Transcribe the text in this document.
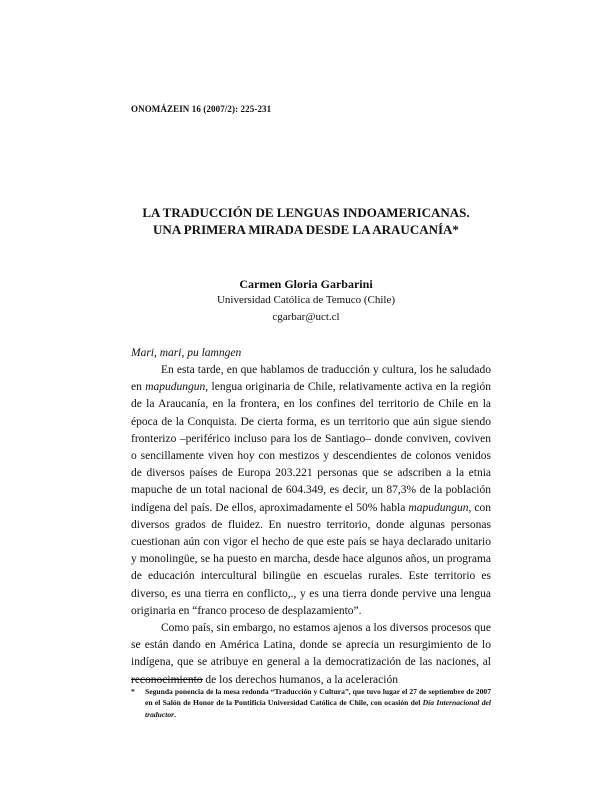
ONOMÁZEIN 16 (2007/2): 225-231
LA TRADUCCIÓN DE LENGUAS INDOAMERICANAS.
UNA PRIMERA MIRADA DESDE LA ARAUCANÍA*
Carmen Gloria Garbarini
Universidad Católica de Temuco (Chile)
cgarbar@uct.cl
Mari, mari, pu lamngen

En esta tarde, en que hablamos de traducción y cultura, los he saludado en mapudungun, lengua originaria de Chile, relativamente activa en la región de la Araucanía, en la frontera, en los confines del territorio de Chile en la época de la Conquista. De cierta forma, es un territorio que aún sigue siendo fronterizo –periférico incluso para los de Santiago– donde conviven, coviven o sencillamente viven hoy con mestizos y descendientes de colonos venidos de diversos países de Europa 203.221 personas que se adscriben a la etnia mapuche de un total nacional de 604.349, es decir, un 87,3% de la población indígena del país. De ellos, aproximadamente el 50% habla mapudungun, con diversos grados de fluidez. En nuestro territorio, donde algunas personas cuestionan aún con vigor el hecho de que este país se haya declarado unitario y monolingüe, se ha puesto en marcha, desde hace algunos años, un programa de educación intercultural bilingüe en escuelas rurales. Este territorio es diverso, es una tierra en conflicto,., y es una tierra donde pervive una lengua originaria en “franco proceso de desplazamiento”.

Como país, sin embargo, no estamos ajenos a los diversos procesos que se están dando en América Latina, donde se aprecia un resurgimiento de lo indígena, que se atribuye en general a la democratización de las naciones, al reconocimiento de los derechos humanos, a la aceleración

*	Segunda ponencia de la mesa redonda “Traducción y Cultura”, que tuvo lugar el 27 de septiembre de 2007 en el Salón de Honor de la Pontificia Universidad Católica de Chile, con ocasión del Día Internacional del traductor.
